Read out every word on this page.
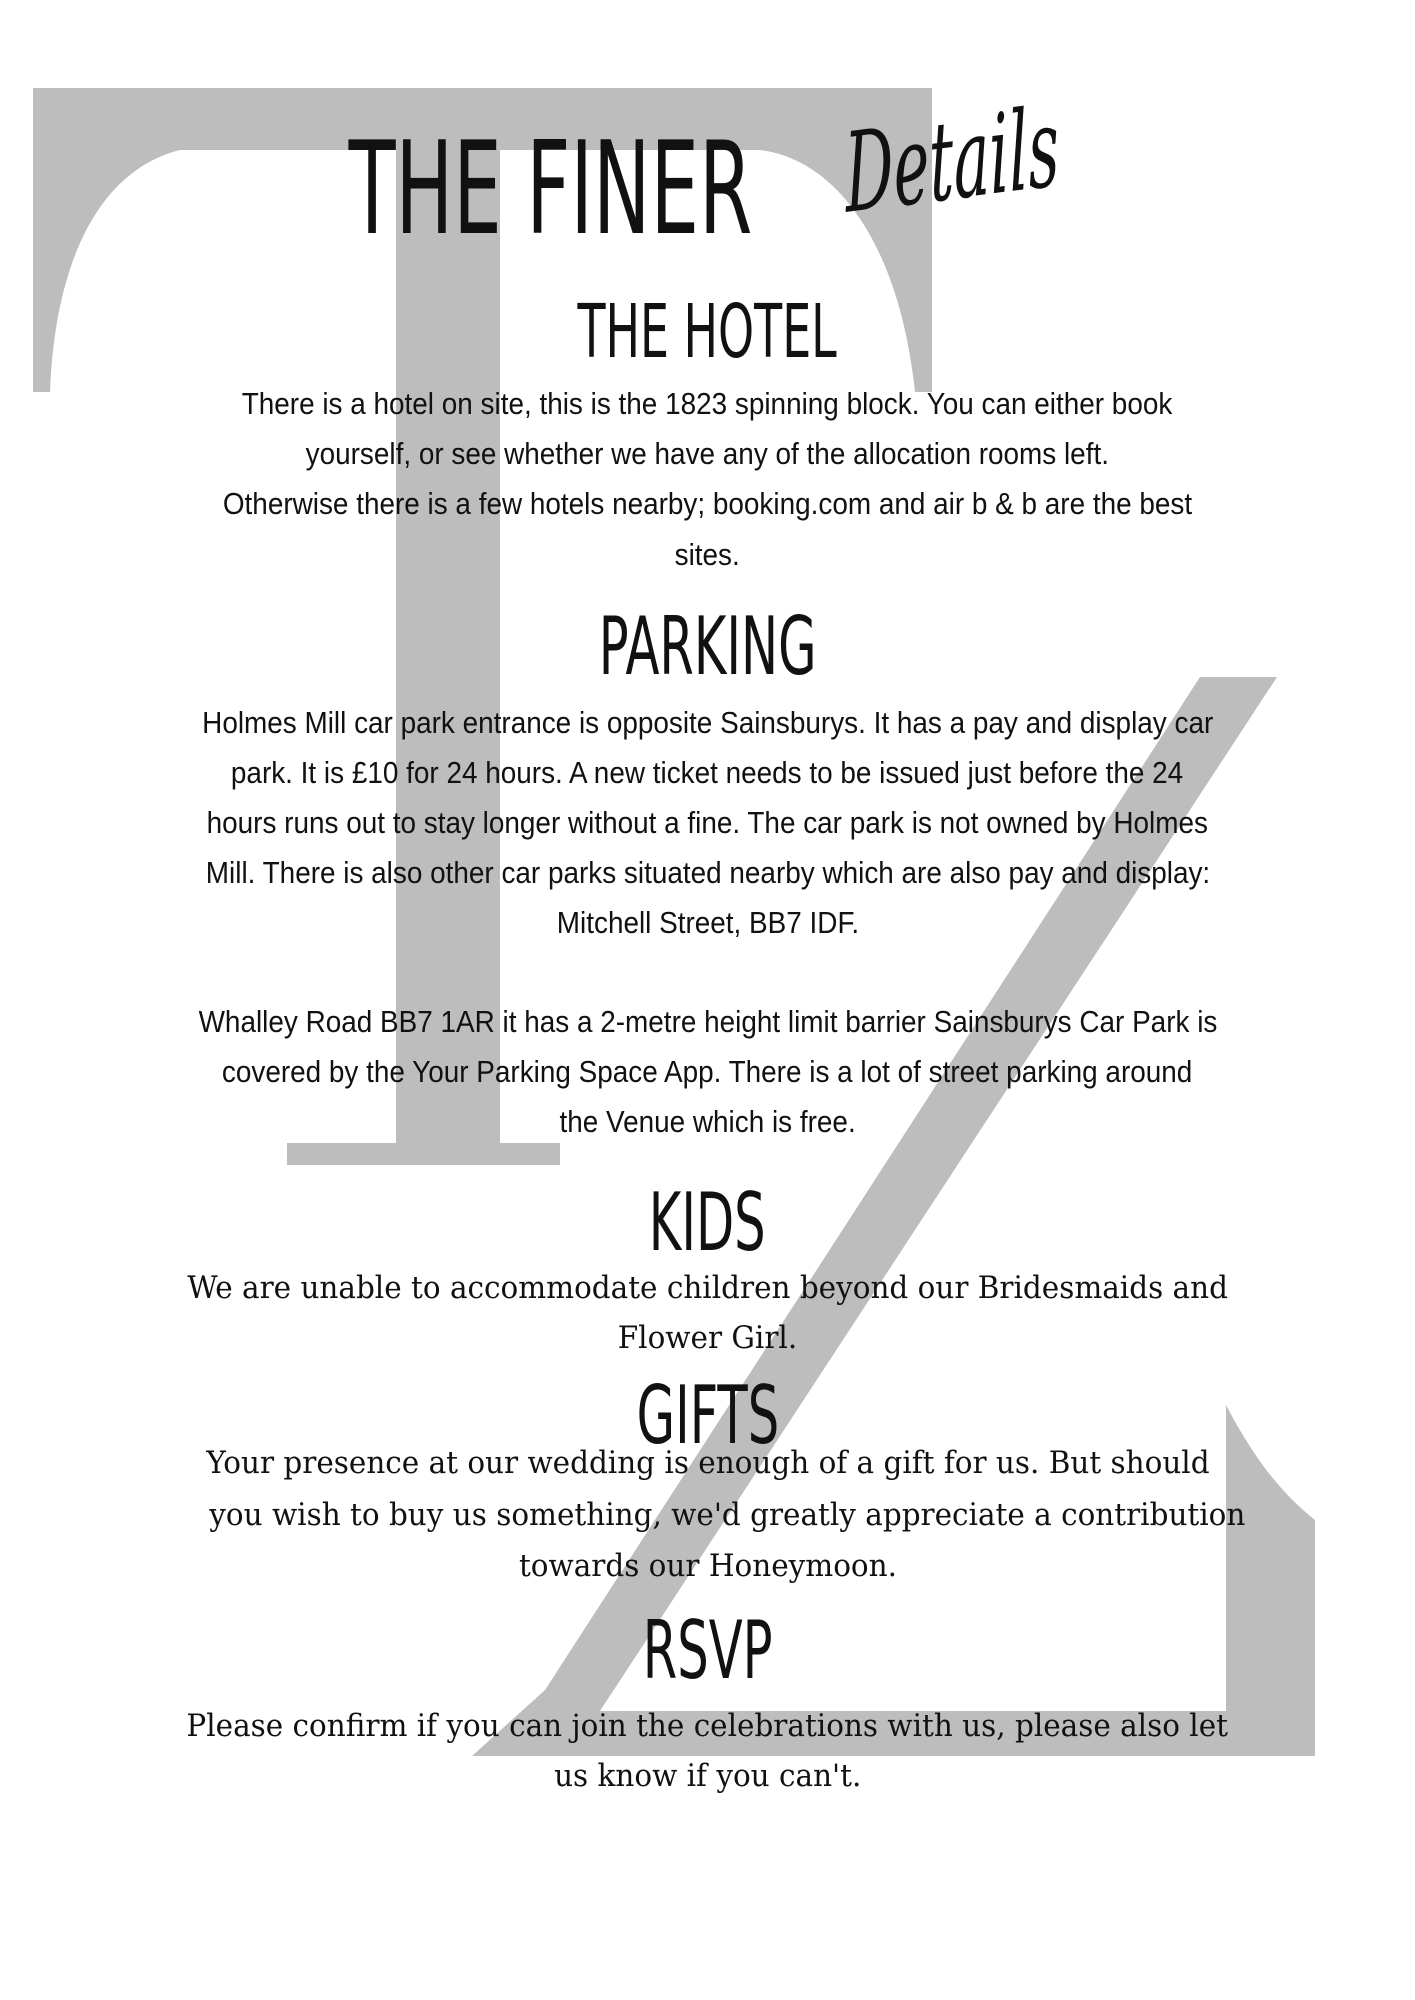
THE FINER Details
THE HOTEL
There is a hotel on site, this is the 1823 spinning block. You can either book
yourself, or see whether we have any of the allocation rooms left.
Otherwise there is a few hotels nearby; booking.com and air b & b are the best
sites.
PARKING
Holmes Mill car park entrance is opposite Sainsburys. It has a pay and display car
park. It is £10 for 24 hours. A new ticket needs to be issued just before the 24
hours runs out to stay longer without a fine. The car park is not owned by Holmes
Mill. There is also other car parks situated nearby which are also pay and display:
Mitchell Street, BB7 IDF.
Whalley Road BB7 1AR it has a 2-metre height limit barrier Sainsburys Car Park is
covered by the Your Parking Space App. There is a lot of street parking around
the Venue which is free.
KIDS
We are unable to accommodate children beyond our Bridesmaids and
Flower Girl.
GIFTS
Your presence at our wedding is enough of a gift for us. But should
you wish to buy us something, we'd greatly appreciate a contribution
towards our Honeymoon.
RSVP
Please confirm if you can join the celebrations with us, please also let
us know if you can't.
